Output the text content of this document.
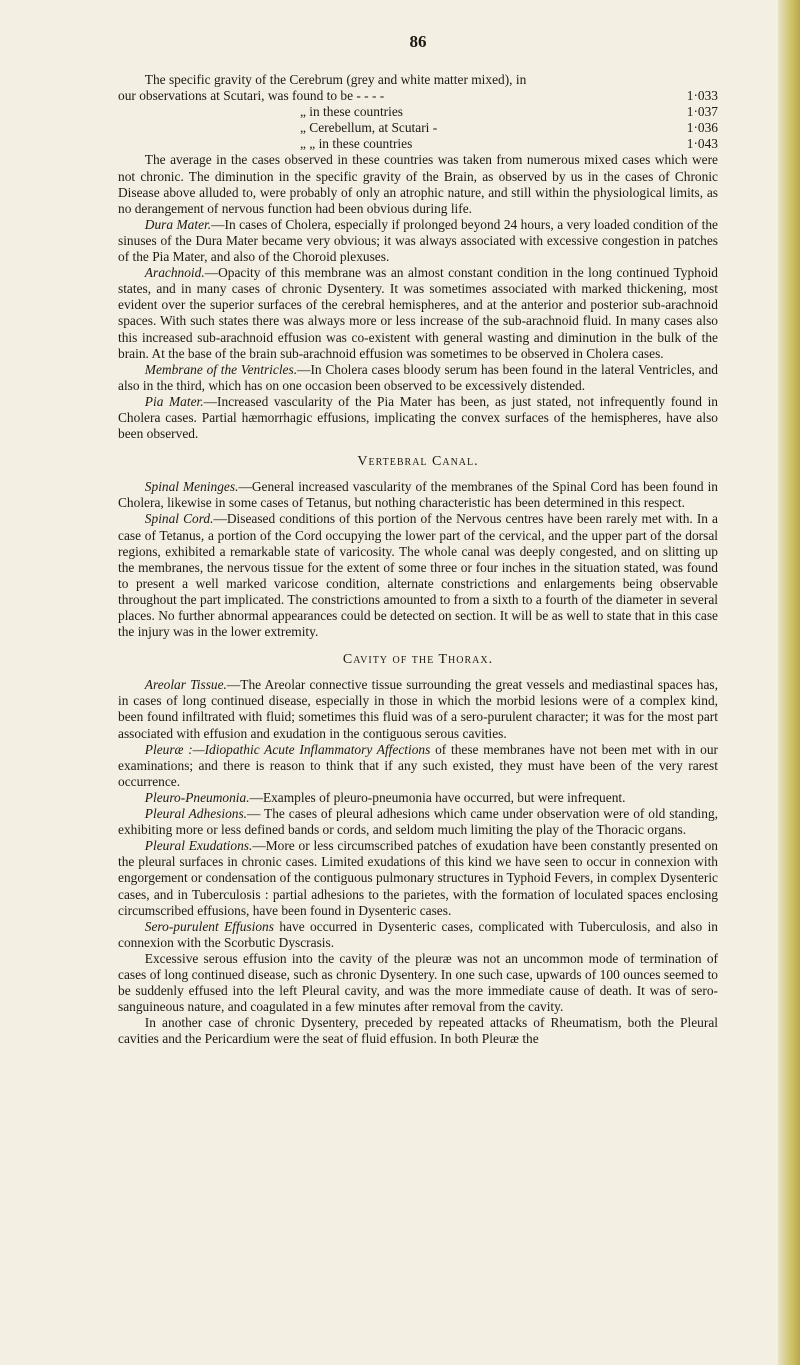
86

The specific gravity of the Cerebrum (grey and white matter mixed), in

our observations at Scutari, was found to be - - - -	1·033
„ in these countries	1·037
„ Cerebellum, at Scutari -	1·036
„ „ in these countries	1·043

The average in the cases observed in these countries was taken from numerous mixed cases which were not chronic. The diminution in the specific gravity of the Brain, as observed by us in the cases of Chronic Disease above alluded to, were probably of only an atrophic nature, and still within the physiological limits, as no derangement of nervous function had been obvious during life.

Dura Mater.—In cases of Cholera, especially if prolonged beyond 24 hours, a very loaded condition of the sinuses of the Dura Mater became very obvious; it was always associated with excessive congestion in patches of the Pia Mater, and also of the Choroid plexuses.

Arachnoid.—Opacity of this membrane was an almost constant condition in the long continued Typhoid states, and in many cases of chronic Dysentery. It was sometimes associated with marked thickening, most evident over the superior surfaces of the cerebral hemispheres, and at the anterior and posterior sub-arachnoid spaces. With such states there was always more or less increase of the sub-arachnoid fluid. In many cases also this increased sub-arachnoid effusion was co-existent with general wasting and diminution in the bulk of the brain. At the base of the brain sub-arachnoid effusion was sometimes to be observed in Cholera cases.

Membrane of the Ventricles.—In Cholera cases bloody serum has been found in the lateral Ventricles, and also in the third, which has on one occasion been observed to be excessively distended.

Pia Mater.—Increased vascularity of the Pia Mater has been, as just stated, not infrequently found in Cholera cases. Partial hæmorrhagic effusions, implicating the convex surfaces of the hemispheres, have also been observed.

Vertebral Canal.

Spinal Meninges.—General increased vascularity of the membranes of the Spinal Cord has been found in Cholera, likewise in some cases of Tetanus, but nothing characteristic has been determined in this respect.

Spinal Cord.—Diseased conditions of this portion of the Nervous centres have been rarely met with. In a case of Tetanus, a portion of the Cord occupying the lower part of the cervical, and the upper part of the dorsal regions, exhibited a remarkable state of varicosity. The whole canal was deeply congested, and on slitting up the membranes, the nervous tissue for the extent of some three or four inches in the situation stated, was found to present a well marked varicose condition, alternate constrictions and enlargements being observable throughout the part implicated. The constrictions amounted to from a sixth to a fourth of the diameter in several places. No further abnormal appearances could be detected on section. It will be as well to state that in this case the injury was in the lower extremity.

Cavity of the Thorax.

Areolar Tissue.—The Areolar connective tissue surrounding the great vessels and mediastinal spaces has, in cases of long continued disease, especially in those in which the morbid lesions were of a complex kind, been found infiltrated with fluid; sometimes this fluid was of a sero-purulent character; it was for the most part associated with effusion and exudation in the contiguous serous cavities.

Pleuræ :—Idiopathic Acute Inflammatory Affections of these membranes have not been met with in our examinations; and there is reason to think that if any such existed, they must have been of the very rarest occurrence.

Pleuro-Pneumonia.—Examples of pleuro-pneumonia have occurred, but were infrequent.

Pleural Adhesions.— The cases of pleural adhesions which came under observation were of old standing, exhibiting more or less defined bands or cords, and seldom much limiting the play of the Thoracic organs.

Pleural Exudations.—More or less circumscribed patches of exudation have been constantly presented on the pleural surfaces in chronic cases. Limited exudations of this kind we have seen to occur in connexion with engorgement or condensation of the contiguous pulmonary structures in Typhoid Fevers, in complex Dysenteric cases, and in Tuberculosis : partial adhesions to the parietes, with the formation of loculated spaces enclosing circumscribed effusions, have been found in Dysenteric cases.

Sero-purulent Effusions have occurred in Dysenteric cases, complicated with Tuberculosis, and also in connexion with the Scorbutic Dyscrasis.

Excessive serous effusion into the cavity of the pleuræ was not an uncommon mode of termination of cases of long continued disease, such as chronic Dysentery. In one such case, upwards of 100 ounces seemed to be suddenly effused into the left Pleural cavity, and was the more immediate cause of death. It was of sero-sanguineous nature, and coagulated in a few minutes after removal from the cavity.

In another case of chronic Dysentery, preceded by repeated attacks of Rheumatism, both the Pleural cavities and the Pericardium were the seat of fluid effusion. In both Pleuræ the
